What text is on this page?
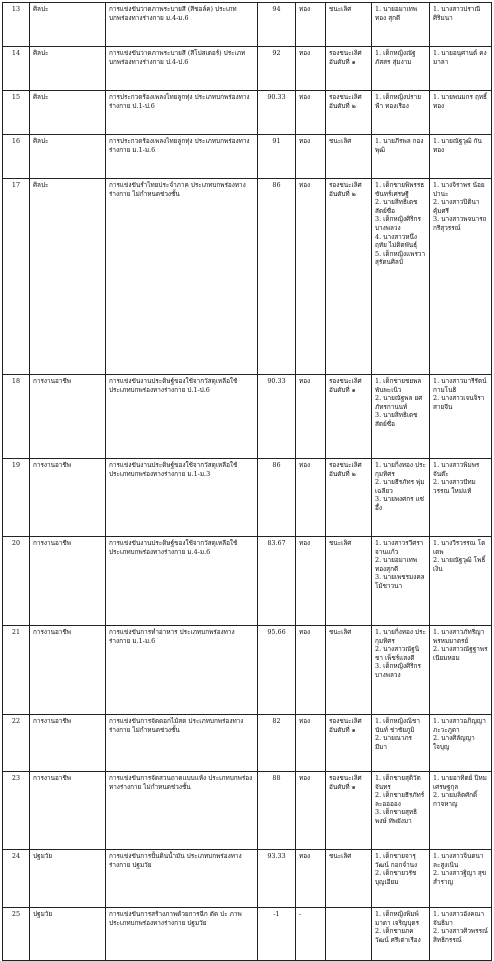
13	ศิลปะ	การแข่งขันวาดภาพระบายสี (สีชอล์ค) ประเภทบกพร่องทางร่างกาย ม.4-ม.6	94	ทอง	ชนะเลิศ	1. นายอมาเทพ ทอง สุกดี	1. นางสาวปราณี ศิริมนา

14	ศิลปะ	การแข่งขันวาดภาพระบายสี (สีโปสเตอร์) ประเภทบกพร่องทางร่างกาย ป.4-ป.6	92	ทอง	รองชนะเลิศอันดับที่ ๑	1. เด็กหญิงณัฐภัสสร สุ่มงาม	1. นายอนุศานต์ คงมาลา

15	ศิลปะ	การประกวดร้องเพลงไทยลูกทุ่ง ประเภทบกพร่องทางร่างกาย ป.1-ป.6	90.33	ทอง	รองชนะเลิศอันดับที่ ๒	1. เด็กหญิงปรายฟ้า ทองเรือง	1. นายพนมกร ฤทธิ์ทอง

16	ศิลปะ	การประกวดร้องเพลงไทยลูกทุ่ง ประเภทบกพร่องทางร่างกาย ม.1-ม.6	91	ทอง	ชนะเลิศ	1. นายภีรพล กองพุฒิ	1. นายณัฐวุฒิ กันทอง

17	ศิลปะ	การแข่งขันรำไทยประจำภาค ประเภทบกพร่องทางร่างกาย ไม่กำหนดช่วงชั้น	86	ทอง	รองชนะเลิศอันดับที่ ๒	1. เด็กชายพิพรรธ ขันทร์เศรษฐี
2. นายสิทธิเดช สัตย์ซื่อ
3. เด็กหญิงศิริกร บางพลวง
4. นางสาวหนึ่งฤทัย ไม่ติดพันธุ์
5. เด็กหญิงแพรวา สุรัตนศิลป์	1. นางจิราพร น้อยปานะ
2. นางสาวปิตินา คุ้มศรี
3. นางสาวพจนารถ กรีสุวรรณ์

18	การงานอาชีพ	การแข่งขันงานประดิษฐ์ของใช้จากวัสดุเหลือใช้ ประเภทบกพร่องทางร่างกาย ป.1-ป.6	90.33	ทอง	รองชนะเลิศอันดับที่ ๑	1. เด็กชายชยพล พันพะเนิว
2. นายณัฐพล ยศภัทรกานนท์
3. นายสิทธิเดช สัตย์ซื่อ	1. นางสาวมารีรัตน์ กามโนธิ
2. นางสาวเจนจิรา สายจีน

19	การงานอาชีพ	การแข่งขันงานประดิษฐ์ของใช้จากวัสดุเหลือใช้ ประเภทบกพร่องทางร่างกาย ม.1-ม.3	86	ทอง	รองชนะเลิศอันดับที่ ๒	1. นายกิ่งทอง ประกุมทิศร
2. นายธีรภัทร พุ่มเฉลียว
3. นายพงศกร แซ่อึ้ง	1. นางสาวพิมพร จันต๊ะ
2. นางสาวปัทมวรรณ ใหม่แท้

20	การงานอาชีพ	การแข่งขันงานประดิษฐ์ของใช้จากวัสดุเหลือใช้ ประเภทบกพร่องทางร่างกาย ม.4-ม.6	83.67	ทอง	ชนะเลิศ	1. นางสาวรวีศรา จานแก้ว
2. นายอมาเทพ ทองสุกดี
3. นายเพชรมงคล โม้ชาวนา	1. นางวีรวรรณ โตเตพ
2. นายณัฐวุฒิ โพธิ์เงิน

21	การงานอาชีพ	การแข่งขันการทำอาหาร ประเภทบกพร่องทางร่างกาย ม.1-ม.6	95.66	ทอง	ชนะเลิศ	1. นายกิ่งทอง ประกุมทิศร
2. นางสาวณัฐนิชา เพ็ชร์แสงดี
3. เด็กหญิงศิริกร บางพลวง	1. นางสาวภัทรีญา พรหมมาตรย์
2. นางสาวณัฐฐาพร เนียมหอม

22	การงานอาชีพ	การแข่งขันการจัดดอกไม้สด ประเภทบกพร่องทางร่างกาย ไม่กำหนดช่วงชั้น	82	ทอง	รองชนะเลิศอันดับที่ ๑	1. เด็กหญิงณิชานันท์ ช่าชัยภูมิ
2. นายณาภร มีมา	1. นางสาวอภิญญา ภะวะภูตา
2. นางศิลัญญา ใจบุญ

23	การงานอาชีพ	การแข่งขันการจัดสวนถาดแบบแห้ง ประเภทบกพร่องทางร่างกาย ไม่กำหนดช่วงชั้น	88	ทอง	รองชนะเลิศอันดับที่ ๑	1. เด็กชายสุติวัต จันทร
2. เด็กชายธีรภัทร์ ละออออง
3. เด็กชายสุทธิพงษ์ ทัพยังมา	1. นายอาทิตย์ ปิหมเศรษฐกุล
2. นายมลิตศักดิ์ กาจหาญ

24	ปฐมวัย	การแข่งขันการปั้นดินน้ำมัน ประเภทบกพร่องทางร่างกาย ปฐมวัย	93.33	ทอง	ชนะเลิศ	1. เด็กชายจารุวัฒน์ กอกจำนง
2. เด็กชายวรัช บุญเอียม	1. นางสาวจินตนา ละสูงเนิน
2. นางสาวฐิญา สุขสำราญ

25	ปฐมวัย	การแข่งขันการสร้างภาพด้วยการฉีก ตัด ปะ ภาพ ประเภทบกพร่องทางร่างกาย ปฐมวัย	-1	-		1. เด็กหญิงพิมพ์มาดา เจริญบุตร
2. เด็กชายภควัฒน์ ศรีเต่าเรือง	1. นางสาวอังคณา จันธิมา
2. นางสาวศิวพรรณ์ สิทธิกรรณ์
